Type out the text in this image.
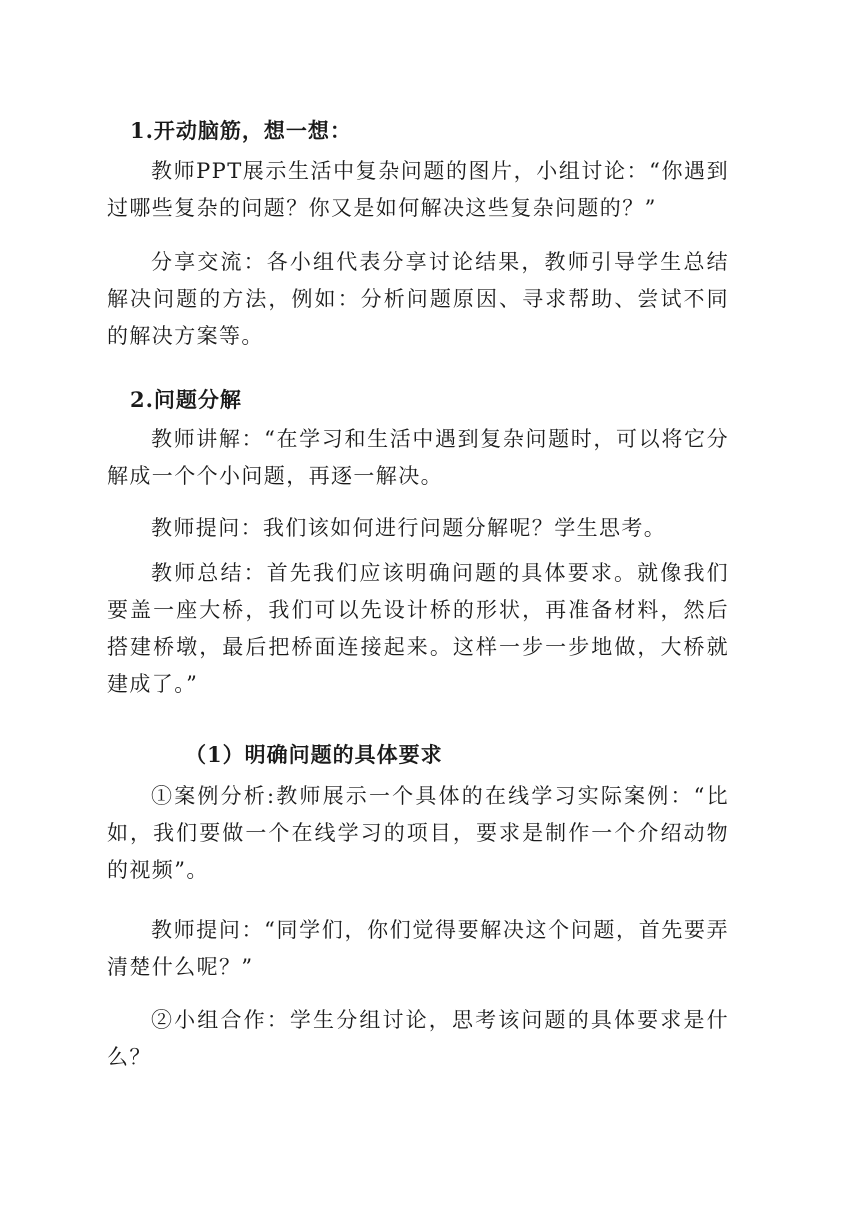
1.开动脑筋，想一想：

教师PPT展示生活中复杂问题的图片，小组讨论：“你遇到过哪些复杂的问题？你又是如何解决这些复杂问题的？”

分享交流：各小组代表分享讨论结果，教师引导学生总结解决问题的方法，例如：分析问题原因、寻求帮助、尝试不同的解决方案等。

2.问题分解

教师讲解：“在学习和生活中遇到复杂问题时，可以将它分解成一个个小问题，再逐一解决。

教师提问：我们该如何进行问题分解呢？学生思考。

教师总结：首先我们应该明确问题的具体要求。就像我们要盖一座大桥，我们可以先设计桥的形状，再准备材料，然后搭建桥墩，最后把桥面连接起来。这样一步一步地做，大桥就建成了。”

（1）明确问题的具体要求

①案例分析:教师展示一个具体的在线学习实际案例：“比如，我们要做一个在线学习的项目，要求是制作一个介绍动物的视频”。

教师提问：“同学们，你们觉得要解决这个问题，首先要弄清楚什么呢？”

②小组合作：学生分组讨论，思考该问题的具体要求是什么？
